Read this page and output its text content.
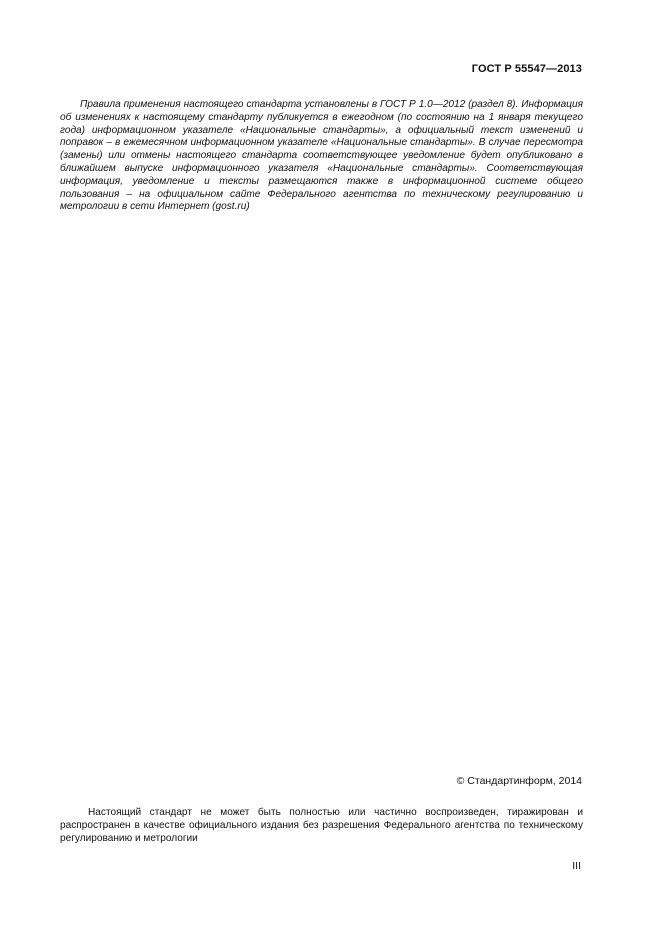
ГОСТ Р 55547—2013

Правила применения настоящего стандарта установлены в ГОСТ Р 1.0—2012 (раздел 8). Информация об изменениях к настоящему стандарту публикуется в ежегодном (по состоянию на 1 января текущего года) информационном указателе «Национальные стандарты», а официальный текст изменений и поправок – в ежемесячном информационном указателе «Национальные стандарты». В случае пересмотра (замены) или отмены настоящего стандарта соответствующее уведомление будет опубликовано в ближайшем выпуске информационного указателя «Национальные стандарты». Соответствующая информация, уведомление и тексты размещаются также в информационной системе общего пользования – на официальном сайте Федерального агентства по техническому регулированию и метрологии в сети Интернет (gost.ru)

© Стандартинформ, 2014

Настоящий стандарт не может быть полностью или частично воспроизведен, тиражирован и распространен в качестве официального издания без разрешения Федерального агентства по техническому регулированию и метрологии

III
